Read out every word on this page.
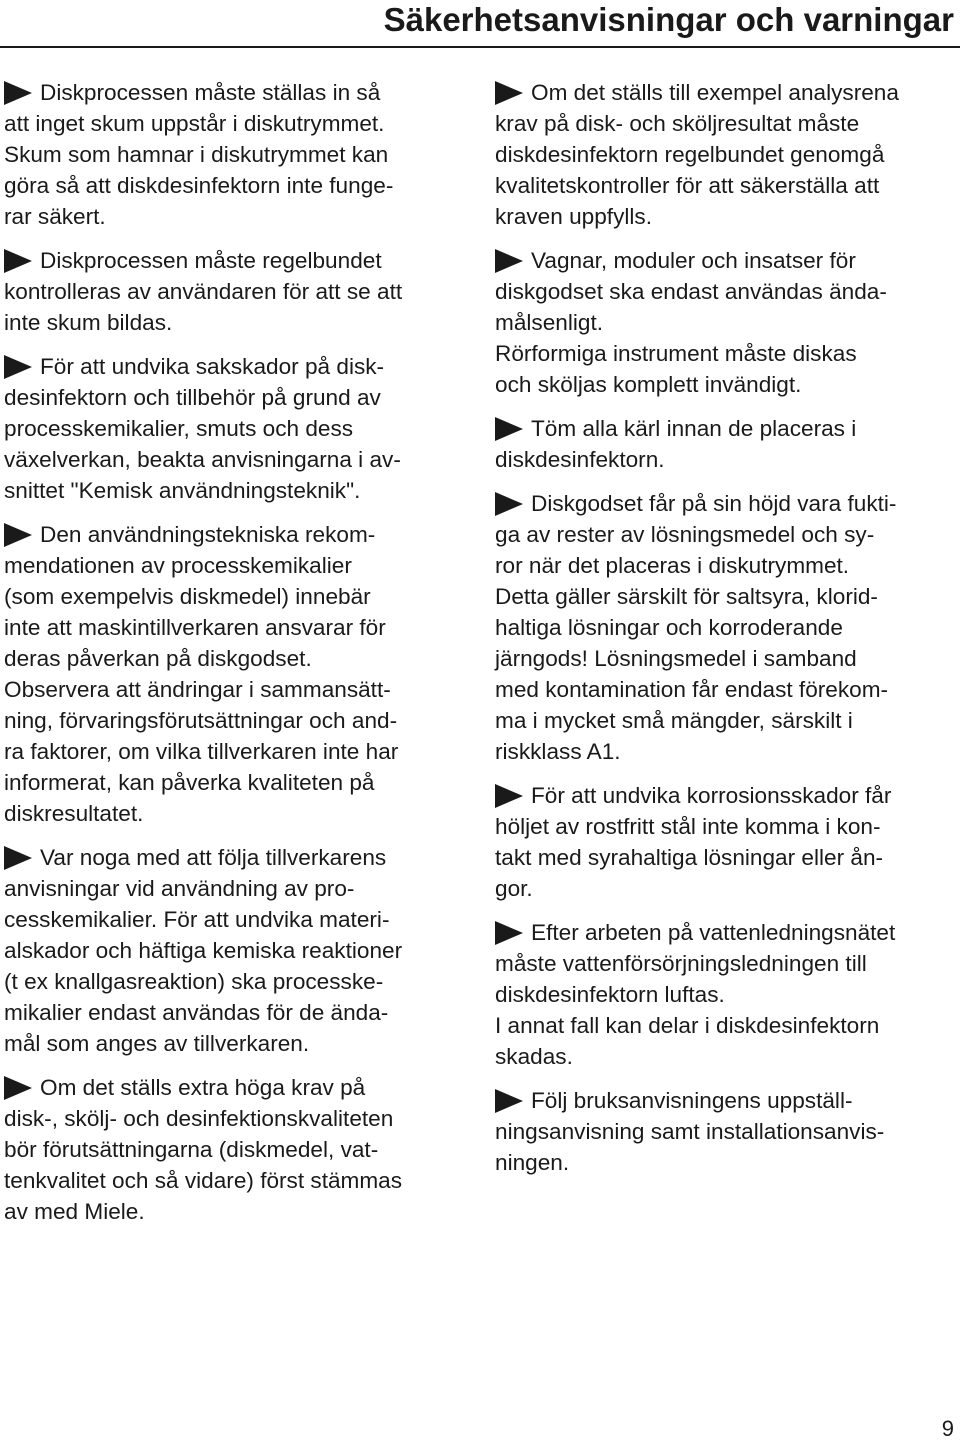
Säkerhetsanvisningar och varningar
Diskprocessen måste ställas in så
att inget skum uppstår i diskutrymmet.
Skum som hamnar i diskutrymmet kan
göra så att diskdesinfektorn inte funge-
rar säkert.
Diskprocessen måste regelbundet
kontrolleras av användaren för att se att
inte skum bildas.
För att undvika sakskador på disk-
desinfektorn och tillbehör på grund av
processkemikalier, smuts och dess
växelverkan, beakta anvisningarna i av-
snittet "Kemisk användningsteknik".
Den användningstekniska rekom-
mendationen av processkemikalier
(som exempelvis diskmedel) innebär
inte att maskintillverkaren ansvarar för
deras påverkan på diskgodset.
Observera att ändringar i sammansätt-
ning, förvaringsförutsättningar och and-
ra faktorer, om vilka tillverkaren inte har
informerat, kan påverka kvaliteten på
diskresultatet.
Var noga med att följa tillverkarens
anvisningar vid användning av pro-
cesskemikalier. För att undvika materi-
alskador och häftiga kemiska reaktioner
(t ex knallgasreaktion) ska processke-
mikalier endast användas för de ända-
mål som anges av tillverkaren.
Om det ställs extra höga krav på
disk-, skölj- och desinfektionskvaliteten
bör förutsättningarna (diskmedel, vat-
tenkvalitet och så vidare) först stämmas
av med Miele.
Om det ställs till exempel analysrena
krav på disk- och sköljresultat måste
diskdesinfektorn regelbundet genomgå
kvalitetskontroller för att säkerställa att
kraven uppfylls.
Vagnar, moduler och insatser för
diskgodset ska endast användas ända-
målsenligt.
Rörformiga instrument måste diskas
och sköljas komplett invändigt.
Töm alla kärl innan de placeras i
diskdesinfektorn.
Diskgodset får på sin höjd vara fukti-
ga av rester av lösningsmedel och sy-
ror när det placeras i diskutrymmet.
Detta gäller särskilt för saltsyra, klorid-
haltiga lösningar och korroderande
järngods! Lösningsmedel i samband
med kontamination får endast förekom-
ma i mycket små mängder, särskilt i
riskklass A1.
För att undvika korrosionsskador får
höljet av rostfritt stål inte komma i kon-
takt med syrahaltiga lösningar eller ån-
gor.
Efter arbeten på vattenledningsnätet
måste vattenförsörjningsledningen till
diskdesinfektorn luftas.
I annat fall kan delar i diskdesinfektorn
skadas.
Följ bruksanvisningens uppställ-
ningsanvisning samt installationsanvis-
ningen.
9
